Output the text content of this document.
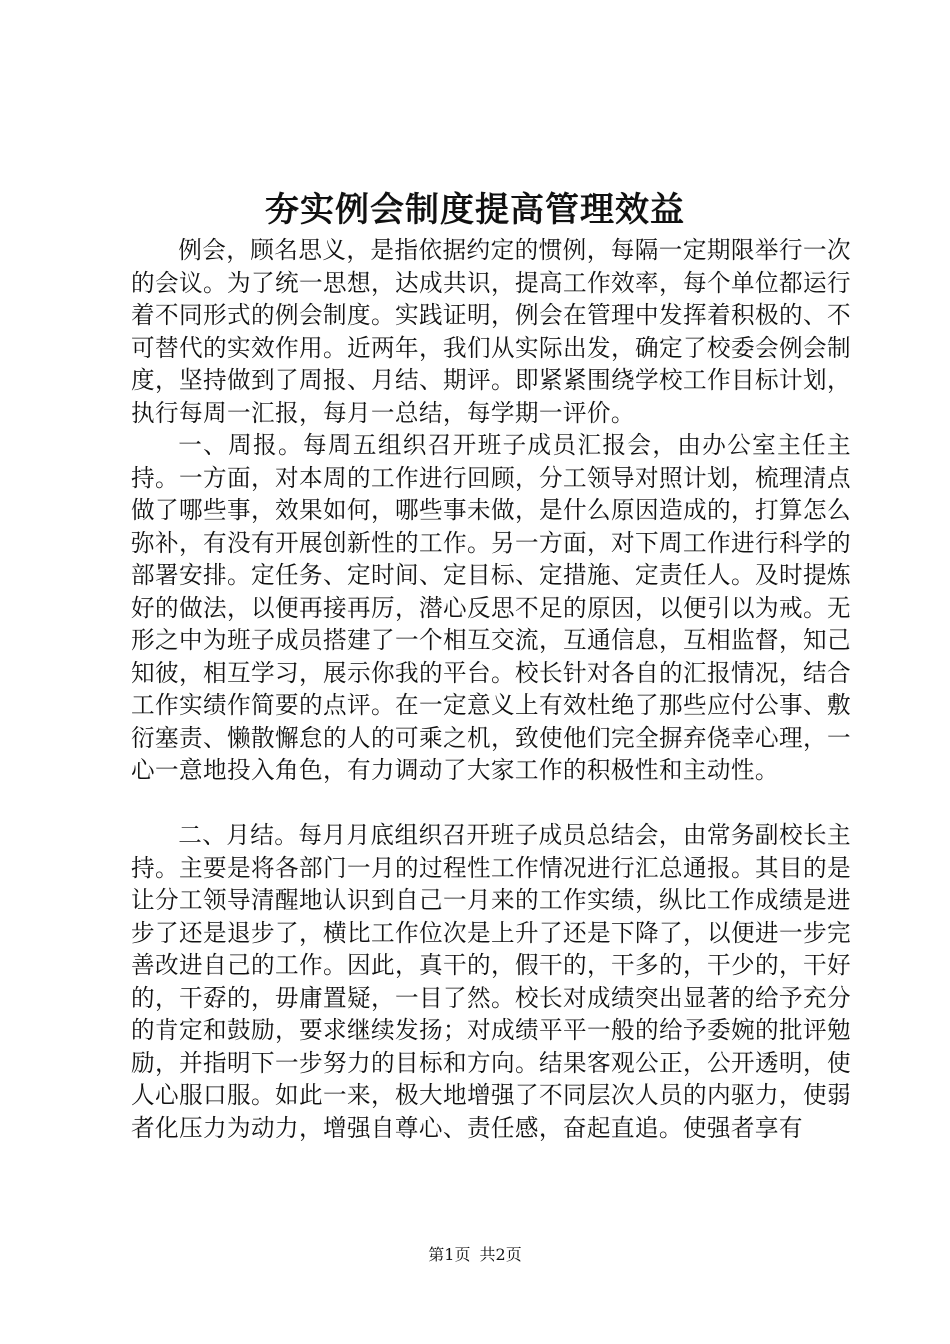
夯实例会制度提高管理效益

例会，顾名思义，是指依据约定的惯例，每隔一定期限举行一次的会议。为了统一思想，达成共识，提高工作效率，每个单位都运行着不同形式的例会制度。实践证明，例会在管理中发挥着积极的、不可替代的实效作用。近两年，我们从实际出发，确定了校委会例会制度，坚持做到了周报、月结、期评。即紧紧围绕学校工作目标计划，执行每周一汇报，每月一总结，每学期一评价。

一、周报。每周五组织召开班子成员汇报会，由办公室主任主持。一方面，对本周的工作进行回顾，分工领导对照计划，梳理清点做了哪些事，效果如何，哪些事未做，是什么原因造成的，打算怎么弥补，有没有开展创新性的工作。另一方面，对下周工作进行科学的部署安排。定任务、定时间、定目标、定措施、定责任人。及时提炼好的做法，以便再接再厉，潜心反思不足的原因，以便引以为戒。无形之中为班子成员搭建了一个相互交流，互通信息，互相监督，知己知彼，相互学习，展示你我的平台。校长针对各自的汇报情况，结合工作实绩作简要的点评。在一定意义上有效杜绝了那些应付公事、敷衍塞责、懒散懈怠的人的可乘之机，致使他们完全摒弃侥幸心理，一心一意地投入角色，有力调动了大家工作的积极性和主动性。

二、月结。每月月底组织召开班子成员总结会，由常务副校长主持。主要是将各部门一月的过程性工作情况进行汇总通报。其目的是让分工领导清醒地认识到自己一月来的工作实绩，纵比工作成绩是进步了还是退步了，横比工作位次是上升了还是下降了，以便进一步完善改进自己的工作。因此，真干的，假干的，干多的，干少的，干好的，干孬的，毋庸置疑，一目了然。校长对成绩突出显著的给予充分的肯定和鼓励，要求继续发扬；对成绩平平一般的给予委婉的批评勉励，并指明下一步努力的目标和方向。结果客观公正，公开透明，使人心服口服。如此一来，极大地增强了不同层次人员的内驱力，使弱者化压力为动力，增强自尊心、责任感，奋起直追。使强者享有

第1页 共2页
